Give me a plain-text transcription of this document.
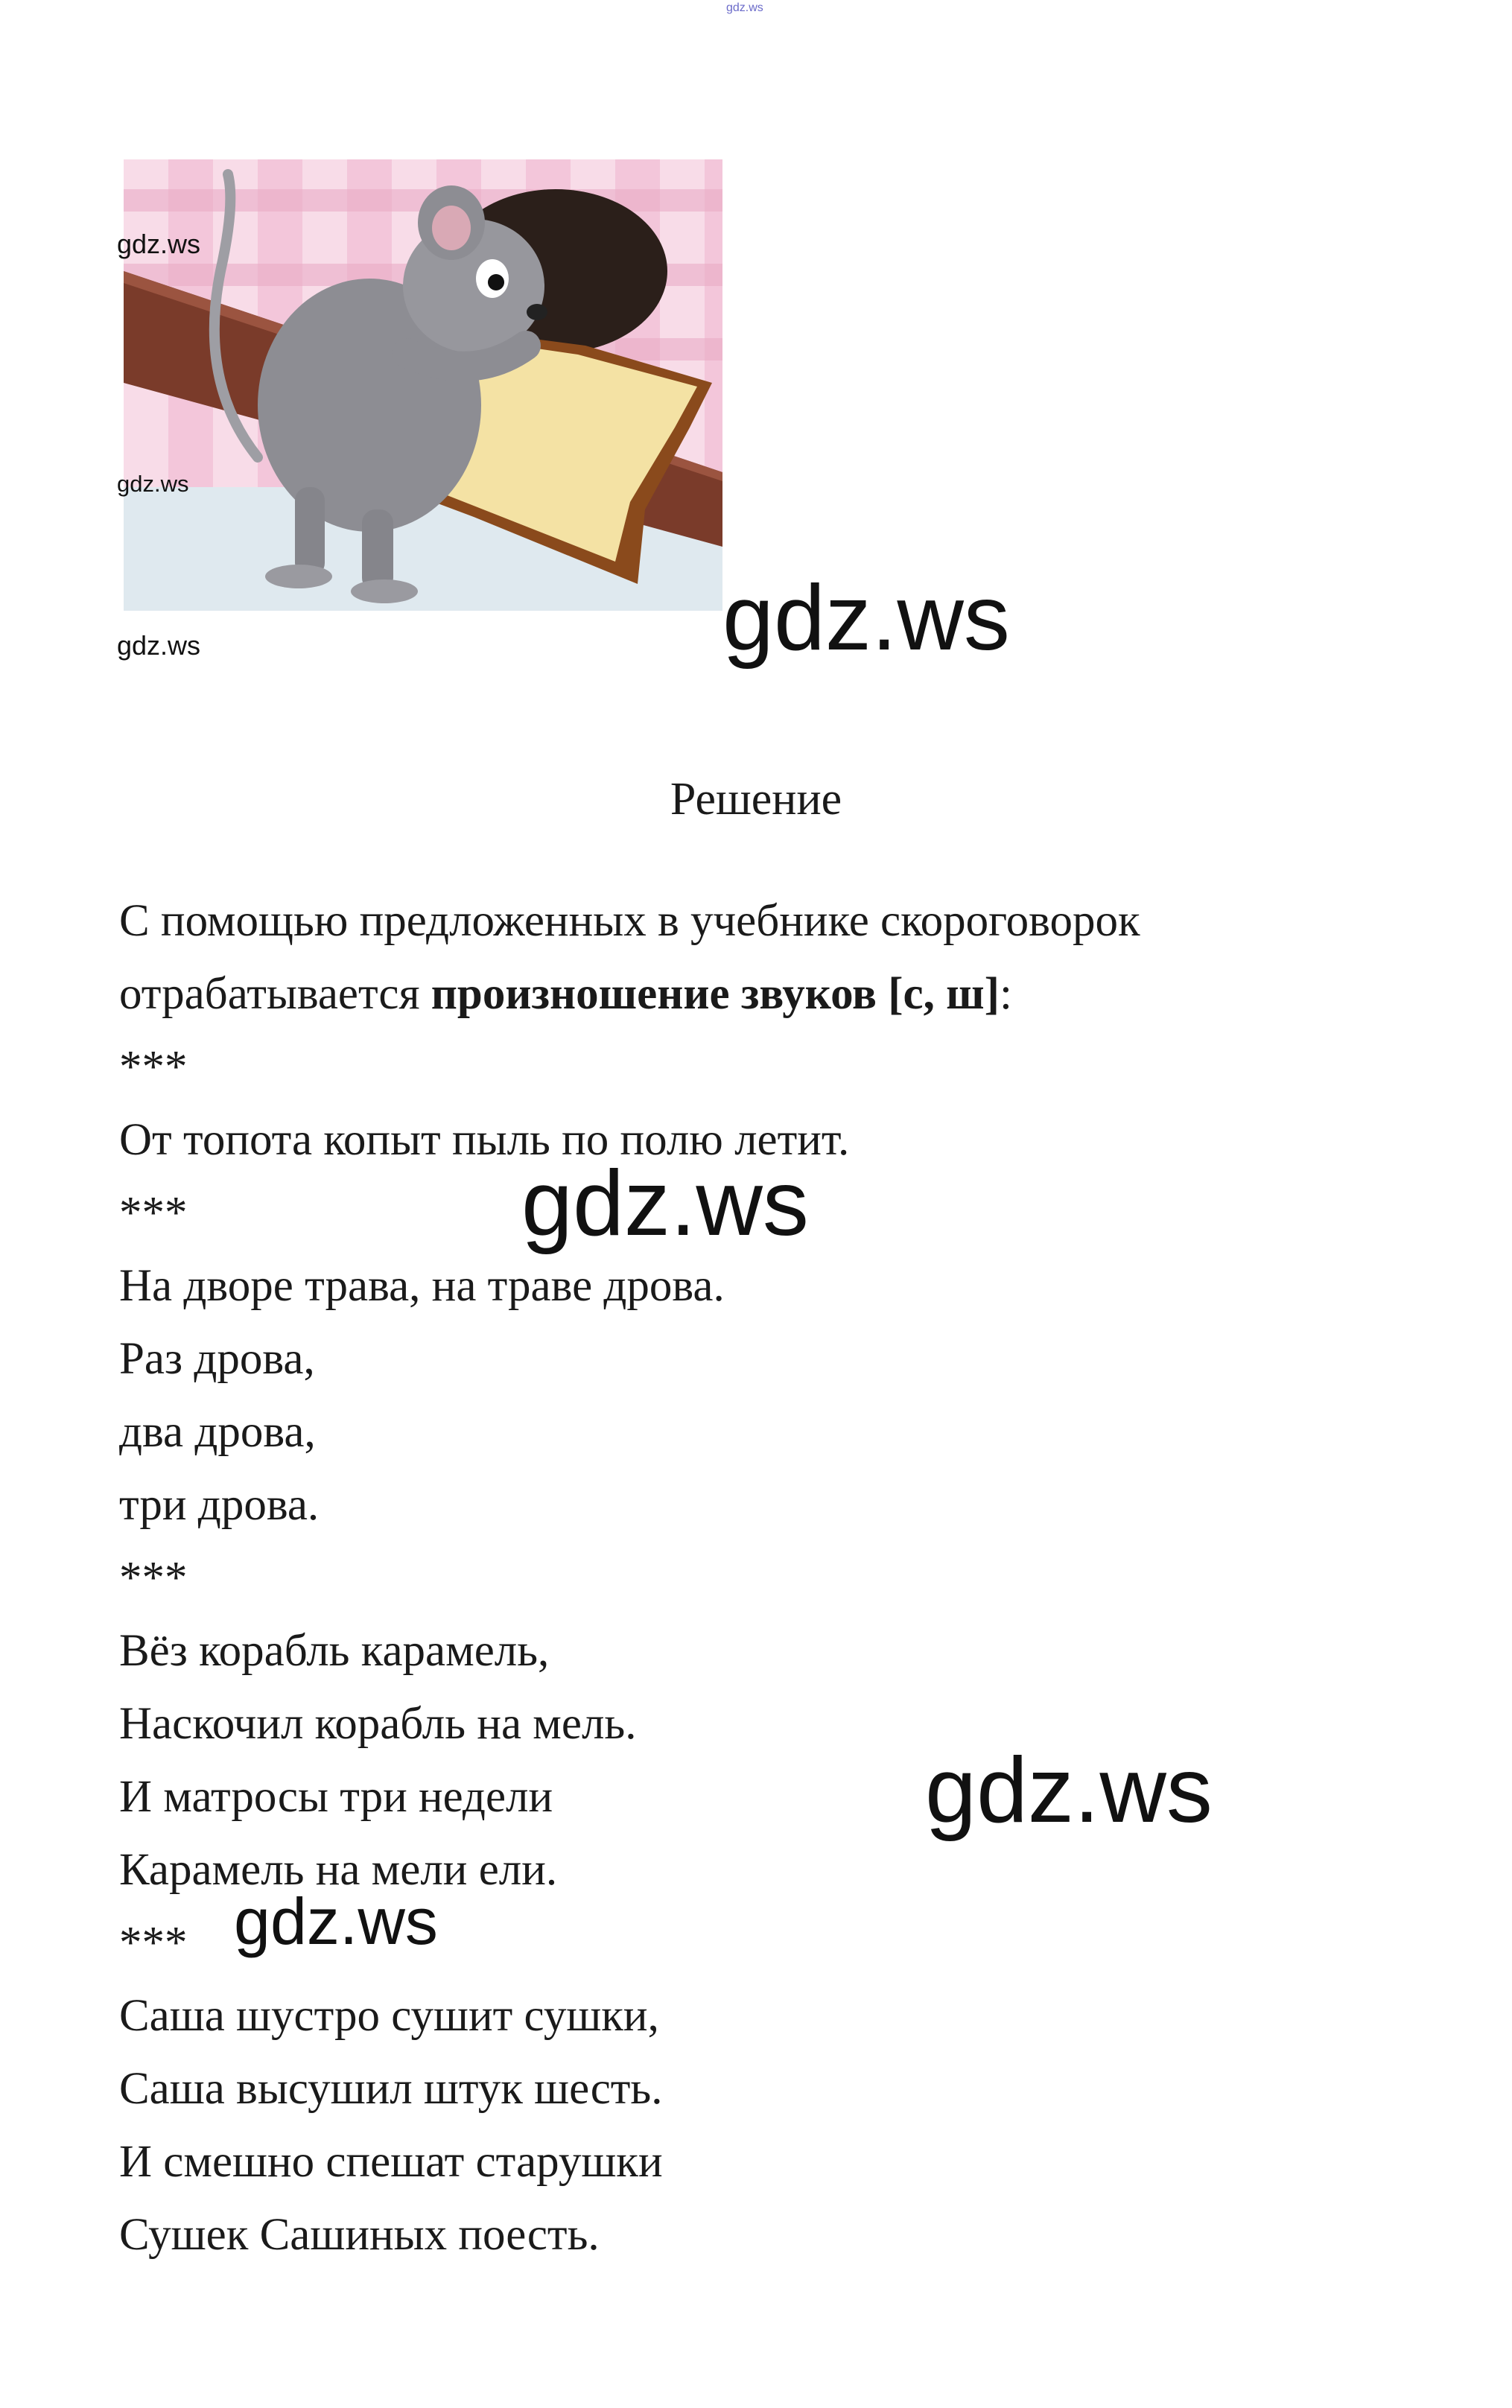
gdz.ws
gdz.ws
gdz.ws
gdz.ws	gdz.ws
gdz.ws
gdz.ws
gdz.ws
Решение
С помощью предложенных в учебнике скороговорок
отрабатывается произношение звуков [с, ш]:
***
От топота копыт пыль по полю летит.
***
На дворе трава, на траве дрова.
Раз дрова,
два дрова,
три дрова.
***
Вёз корабль карамель,
Наскочил корабль на мель.
И матросы три недели
Карамель на мели ели.
***
Саша шустро сушит сушки,
Саша высушил штук шесть.
И смешно спешат старушки
Сушек Сашиных поесть.
